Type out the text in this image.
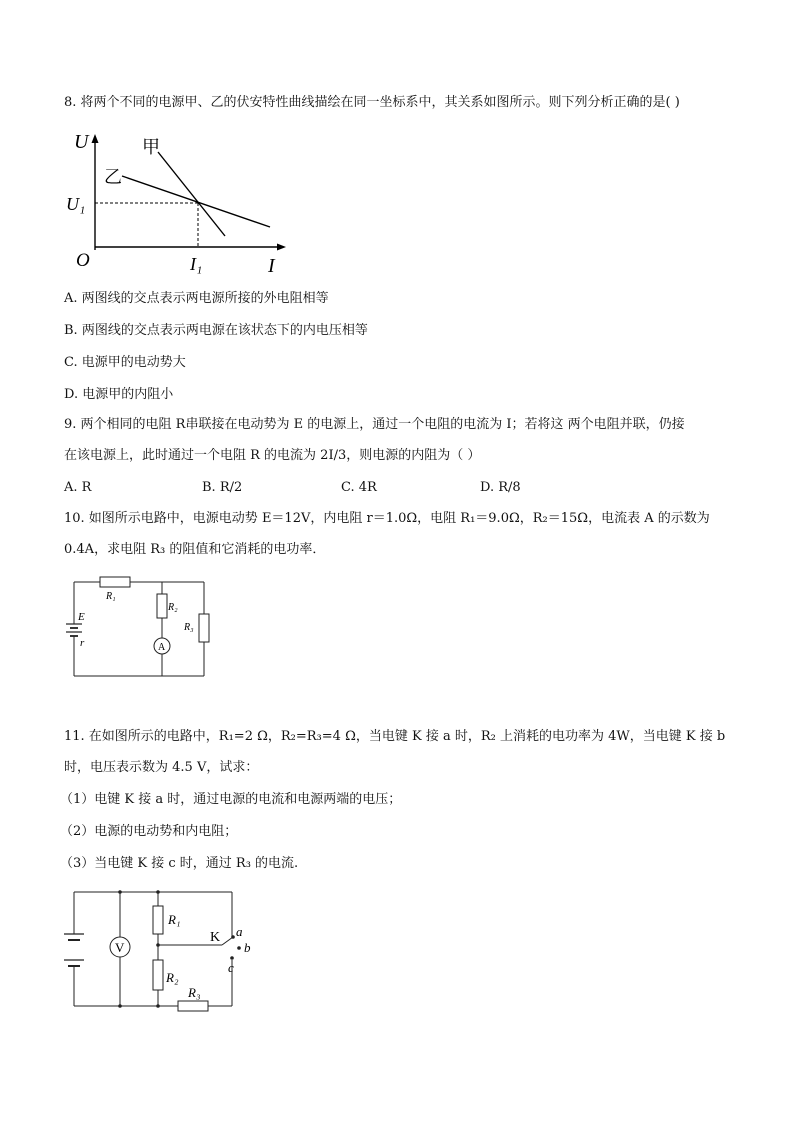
8. 将两个不同的电源甲、乙的伏安特性曲线描绘在同一坐标系中，其关系如图所示。则下列分析正确的是( )
U
I
O
U₁
I₁
甲
乙
A. 两图线的交点表示两电源所接的外电阻相等
B. 两图线的交点表示两电源在该状态下的内电压相等
C. 电源甲的电动势大
D. 电源甲的内阻小
9. 两个相同的电阻 R串联接在电动势为 E 的电源上，通过一个电阻的电流为 I；若将这 两个电阻并联，仍接
在该电源上，此时通过一个电阻 R 的电流为 2I/3，则电源的内阻为（ ）
A. R	B. R/2	C. 4R	D. R/8
10. 如图所示电路中，电源电动势 E＝12V，内电阻 r＝1.0Ω，电阻 R₁＝9.0Ω，R₂＝15Ω，电流表 A 的示数为
0.4A，求电阻 R₃ 的阻值和它消耗的电功率．
A
E
r
R₁
R₂
R₃
11. 在如图所示的电路中，R₁=2 Ω，R₂=R₃=4 Ω，当电键 K 接 a 时，R₂ 上消耗的电功率为 4W，当电键 K 接 b
时，电压表示数为 4.5 V，试求：
（1）电键 K 接 a 时，通过电源的电流和电源两端的电压；
（2）电源的电动势和内电阻；
（3）当电键 K 接 c 时，通过 R₃ 的电流.
V
R₁
R₂
R₃
K a
b
c
